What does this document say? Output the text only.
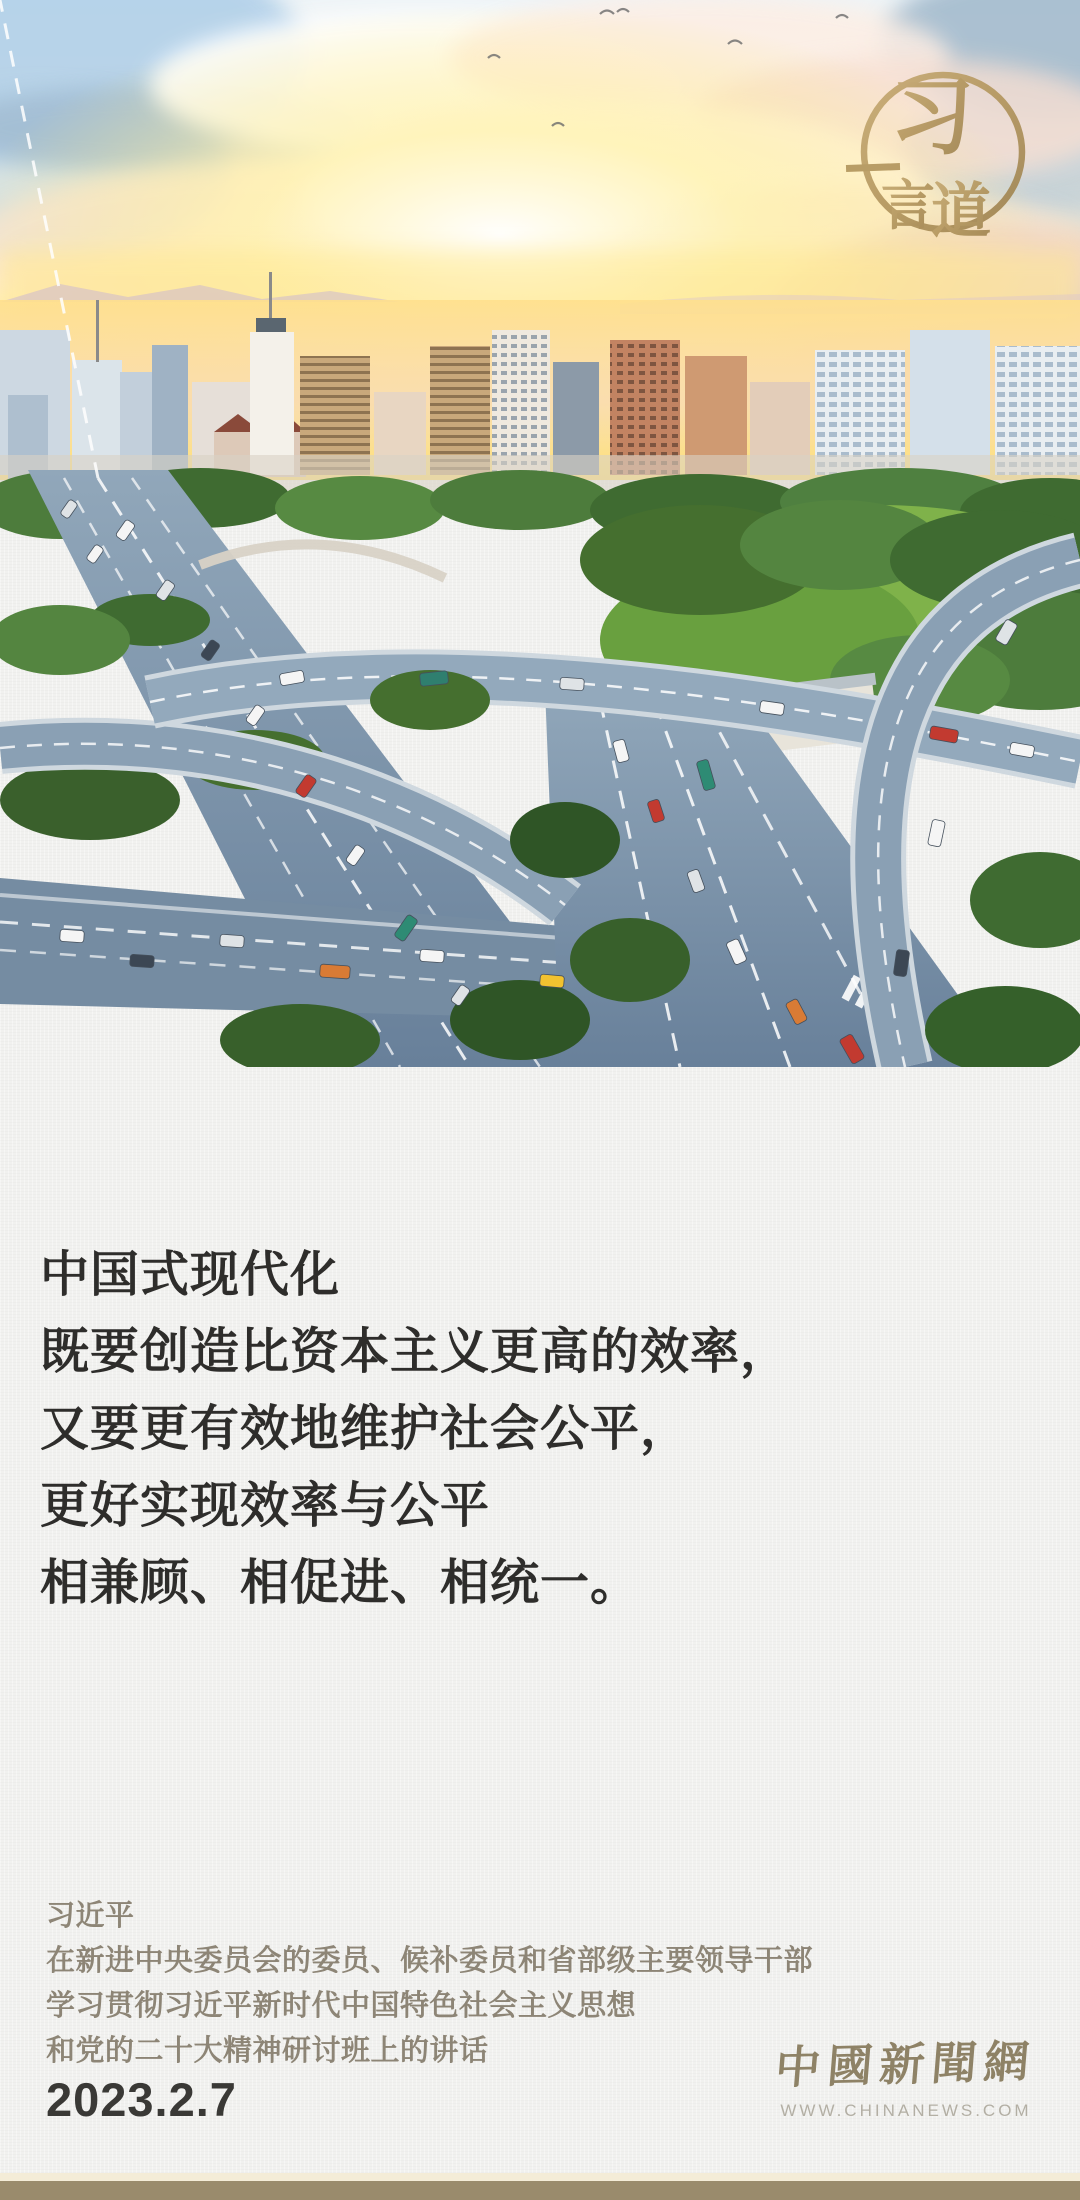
习
言
道
中国式现代化
既要创造比资本主义更高的效率，
又要更有效地维护社会公平，
更好实现效率与公平
相兼顾、相促进、相统一。
习近平
在新进中央委员会的委员、候补委员和省部级主要领导干部
学习贯彻习近平新时代中国特色社会主义思想
和党的二十大精神研讨班上的讲话
2023.2.7
中國新聞網
WWW.CHINANEWS.COM
